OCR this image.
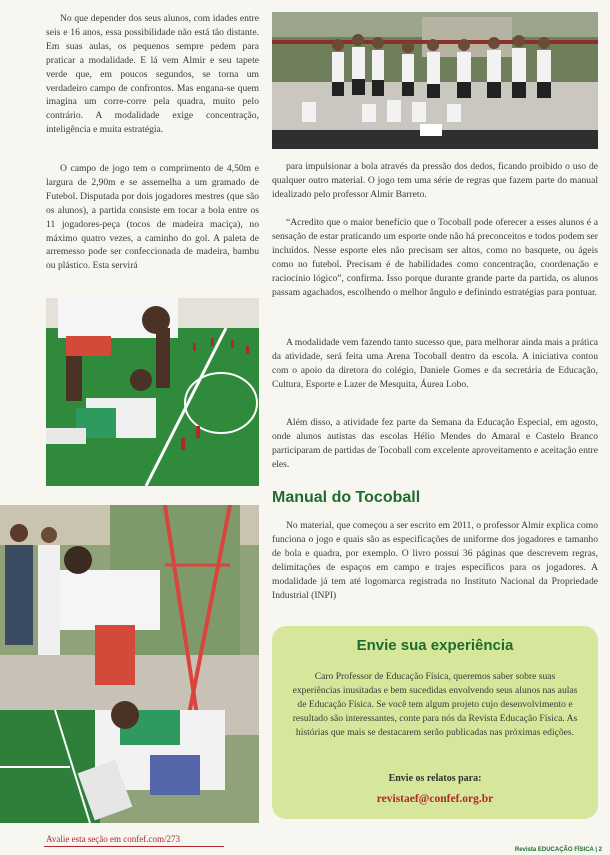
No que depender dos seus alunos, com idades entre seis e 16 anos, essa possibilidade não está tão distante. Em suas aulas, os pequenos sempre pedem para praticar a modalidade. E lá vem Almir e seu tapete verde que, em poucos segundos, se torna um verdadeiro campo de confrontos. Mas engana-se quem imagina um corre-corre pela quadra, muito pelo contrário. A modalidade exige concentração, inteligência e muita estratégia.

O campo de jogo tem o comprimento de 4,50m e largura de 2,90m e se assemelha a um gramado de Futebol. Disputada por dois jogadores mestres (que são os alunos), a partida consiste em tocar a bola entre os 11 jogadores-peça (tocos de madeira maciça), no máximo quatro vezes, a caminho do gol. A paleta de arremesso pode ser confeccionada de madeira, bambu ou plástico. Esta servirá

para impulsionar a bola através da pressão dos dedos, ficando proibido o uso de qualquer outro material. O jogo tem uma série de regras que fazem parte do manual idealizado pelo professor Almir Barreto.

“Acredito que o maior benefício que o Tocoball pode oferecer a esses alunos é a sensação de estar praticando um esporte onde não há preconceitos e todos podem ser incluídos. Nesse esporte eles não precisam ser altos, como no basquete, ou ágeis como no futebol. Precisam é de habilidades como concentração, coordenação e raciocínio lógico”, confirma. Isso porque durante grande parte da partida, os alunos passam agachados, escolhendo o melhor ângulo e definindo estratégias para pontuar.

A modalidade vem fazendo tanto sucesso que, para melhorar ainda mais a prática da atividade, será feita uma Arena Tocoball dentro da escola. A iniciativa contou com o apoio da diretora do colégio, Daniele Gomes e da secretária de Educação, Cultura, Esporte e Lazer de Mesquita, Áurea Lobo.

Além disso, a atividade fez parte da Semana da Educação Especial, em agosto, onde alunos autistas das escolas Hélio Mendes do Amaral e Castelo Branco participaram de partidas de Tocoball com excelente aproveitamento e aceitação entre eles.

Manual do Tocoball

No material, que começou a ser escrito em 2011, o professor Almir explica como funciona o jogo e quais são as especificações de uniforme dos jogadores e tamanho de bola e quadra, por exemplo. O livro possui 36 páginas que descrevem regras, delimitações de espaços em campo e trajes específicos para os jogadores. A modalidade já tem até logomarca registrada no Instituto Nacional da Propriedade Industrial (INPI)

Envie sua experiência

Caro Professor de Educação Física, queremos saber sobre suas experiências inusitadas e bem sucedidas envolvendo seus alunos nas aulas de Educação Física. Se você tem algum projeto cujo desenvolvimento e resultado são interessantes, conte para nós da Revista Educação Física. As histórias que mais se destacarem serão publicadas nas próximas edições.

Envie os relatos para:
revistaef@confef.org.br
Avalie esta seção em confef.com/273
Revista EDUCAÇÃO FÍSICA | 2
